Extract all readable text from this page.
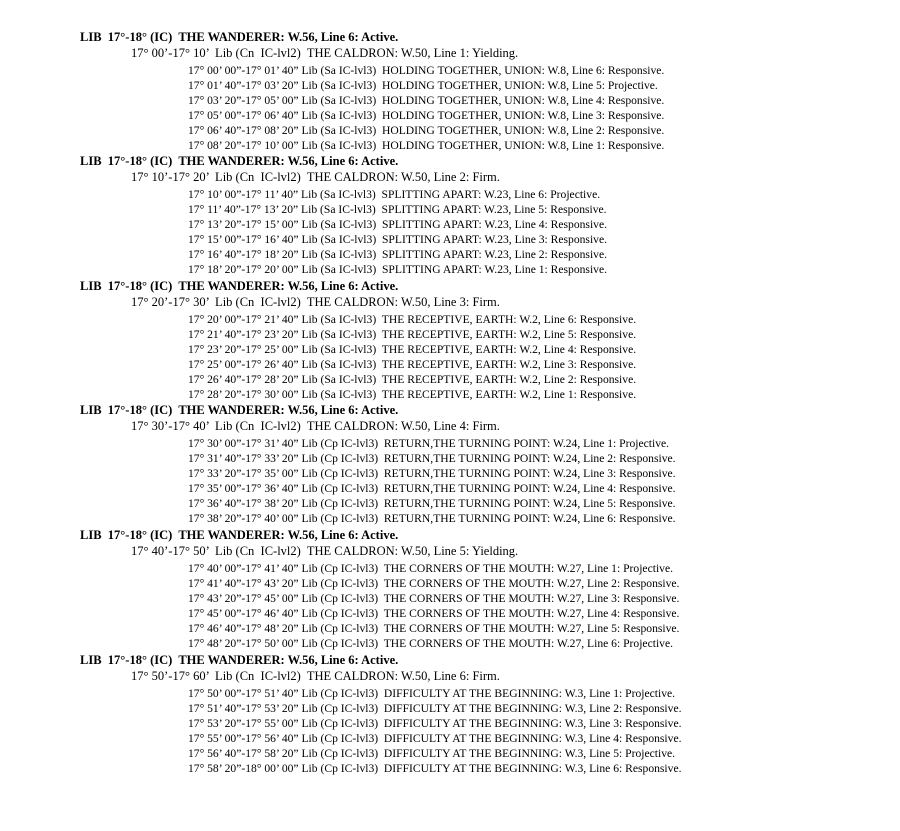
LIB  17°-18° (IC)  THE WANDERER: W.56, Line 6: Active.
17° 00’-17° 10’  Lib (Cn  IC-lvl2)  THE CALDRON: W.50, Line 1: Yielding.
17° 00’ 00”-17° 01’ 40” Lib (Sa IC-lvl3)  HOLDING TOGETHER, UNION: W.8, Line 6: Responsive.
17° 01’ 40”-17° 03’ 20” Lib (Sa IC-lvl3)  HOLDING TOGETHER, UNION: W.8, Line 5: Projective.
17° 03’ 20”-17° 05’ 00” Lib (Sa IC-lvl3)  HOLDING TOGETHER, UNION: W.8, Line 4: Responsive.
17° 05’ 00”-17° 06’ 40” Lib (Sa IC-lvl3)  HOLDING TOGETHER, UNION: W.8, Line 3: Responsive.
17° 06’ 40”-17° 08’ 20” Lib (Sa IC-lvl3)  HOLDING TOGETHER, UNION: W.8, Line 2: Responsive.
17° 08’ 20”-17° 10’ 00” Lib (Sa IC-lvl3)  HOLDING TOGETHER, UNION: W.8, Line 1: Responsive.
LIB  17°-18° (IC)  THE WANDERER: W.56, Line 6: Active.
17° 10’-17° 20’  Lib (Cn  IC-lvl2)  THE CALDRON: W.50, Line 2: Firm.
17° 10’ 00”-17° 11’ 40” Lib (Sa IC-lvl3)  SPLITTING APART: W.23, Line 6: Projective.
17° 11’ 40”-17° 13’ 20” Lib (Sa IC-lvl3)  SPLITTING APART: W.23, Line 5: Responsive.
17° 13’ 20”-17° 15’ 00” Lib (Sa IC-lvl3)  SPLITTING APART: W.23, Line 4: Responsive.
17° 15’ 00”-17° 16’ 40” Lib (Sa IC-lvl3)  SPLITTING APART: W.23, Line 3: Responsive.
17° 16’ 40”-17° 18’ 20” Lib (Sa IC-lvl3)  SPLITTING APART: W.23, Line 2: Responsive.
17° 18’ 20”-17° 20’ 00” Lib (Sa IC-lvl3)  SPLITTING APART: W.23, Line 1: Responsive.
LIB  17°-18° (IC)  THE WANDERER: W.56, Line 6: Active.
17° 20’-17° 30’  Lib (Cn  IC-lvl2)  THE CALDRON: W.50, Line 3: Firm.
17° 20’ 00”-17° 21’ 40” Lib (Sa IC-lvl3)  THE RECEPTIVE, EARTH: W.2, Line 6: Responsive.
17° 21’ 40”-17° 23’ 20” Lib (Sa IC-lvl3)  THE RECEPTIVE, EARTH: W.2, Line 5: Responsive.
17° 23’ 20”-17° 25’ 00” Lib (Sa IC-lvl3)  THE RECEPTIVE, EARTH: W.2, Line 4: Responsive.
17° 25’ 00”-17° 26’ 40” Lib (Sa IC-lvl3)  THE RECEPTIVE, EARTH: W.2, Line 3: Responsive.
17° 26’ 40”-17° 28’ 20” Lib (Sa IC-lvl3)  THE RECEPTIVE, EARTH: W.2, Line 2: Responsive.
17° 28’ 20”-17° 30’ 00” Lib (Sa IC-lvl3)  THE RECEPTIVE, EARTH: W.2, Line 1: Responsive.
LIB  17°-18° (IC)  THE WANDERER: W.56, Line 6: Active.
17° 30’-17° 40’  Lib (Cn  IC-lvl2)  THE CALDRON: W.50, Line 4: Firm.
17° 30’ 00”-17° 31’ 40” Lib (Cp IC-lvl3)  RETURN,THE TURNING POINT: W.24, Line 1: Projective.
17° 31’ 40”-17° 33’ 20” Lib (Cp IC-lvl3)  RETURN,THE TURNING POINT: W.24, Line 2: Responsive.
17° 33’ 20”-17° 35’ 00” Lib (Cp IC-lvl3)  RETURN,THE TURNING POINT: W.24, Line 3: Responsive.
17° 35’ 00”-17° 36’ 40” Lib (Cp IC-lvl3)  RETURN,THE TURNING POINT: W.24, Line 4: Responsive.
17° 36’ 40”-17° 38’ 20” Lib (Cp IC-lvl3)  RETURN,THE TURNING POINT: W.24, Line 5: Responsive.
17° 38’ 20”-17° 40’ 00” Lib (Cp IC-lvl3)  RETURN,THE TURNING POINT: W.24, Line 6: Responsive.
LIB  17°-18° (IC)  THE WANDERER: W.56, Line 6: Active.
17° 40’-17° 50’  Lib (Cn  IC-lvl2)  THE CALDRON: W.50, Line 5: Yielding.
17° 40’ 00”-17° 41’ 40” Lib (Cp IC-lvl3)  THE CORNERS OF THE MOUTH: W.27, Line 1: Projective.
17° 41’ 40”-17° 43’ 20” Lib (Cp IC-lvl3)  THE CORNERS OF THE MOUTH: W.27, Line 2: Responsive.
17° 43’ 20”-17° 45’ 00” Lib (Cp IC-lvl3)  THE CORNERS OF THE MOUTH: W.27, Line 3: Responsive.
17° 45’ 00”-17° 46’ 40” Lib (Cp IC-lvl3)  THE CORNERS OF THE MOUTH: W.27, Line 4: Responsive.
17° 46’ 40”-17° 48’ 20” Lib (Cp IC-lvl3)  THE CORNERS OF THE MOUTH: W.27, Line 5: Responsive.
17° 48’ 20”-17° 50’ 00” Lib (Cp IC-lvl3)  THE CORNERS OF THE MOUTH: W.27, Line 6: Projective.
LIB  17°-18° (IC)  THE WANDERER: W.56, Line 6: Active.
17° 50’-17° 60’  Lib (Cn  IC-lvl2)  THE CALDRON: W.50, Line 6: Firm.
17° 50’ 00”-17° 51’ 40” Lib (Cp IC-lvl3)  DIFFICULTY AT THE BEGINNING: W.3, Line 1: Projective.
17° 51’ 40”-17° 53’ 20” Lib (Cp IC-lvl3)  DIFFICULTY AT THE BEGINNING: W.3, Line 2: Responsive.
17° 53’ 20”-17° 55’ 00” Lib (Cp IC-lvl3)  DIFFICULTY AT THE BEGINNING: W.3, Line 3: Responsive.
17° 55’ 00”-17° 56’ 40” Lib (Cp IC-lvl3)  DIFFICULTY AT THE BEGINNING: W.3, Line 4: Responsive.
17° 56’ 40”-17° 58’ 20” Lib (Cp IC-lvl3)  DIFFICULTY AT THE BEGINNING: W.3, Line 5: Projective.
17° 58’ 20”-18° 00’ 00” Lib (Cp IC-lvl3)  DIFFICULTY AT THE BEGINNING: W.3, Line 6: Responsive.
